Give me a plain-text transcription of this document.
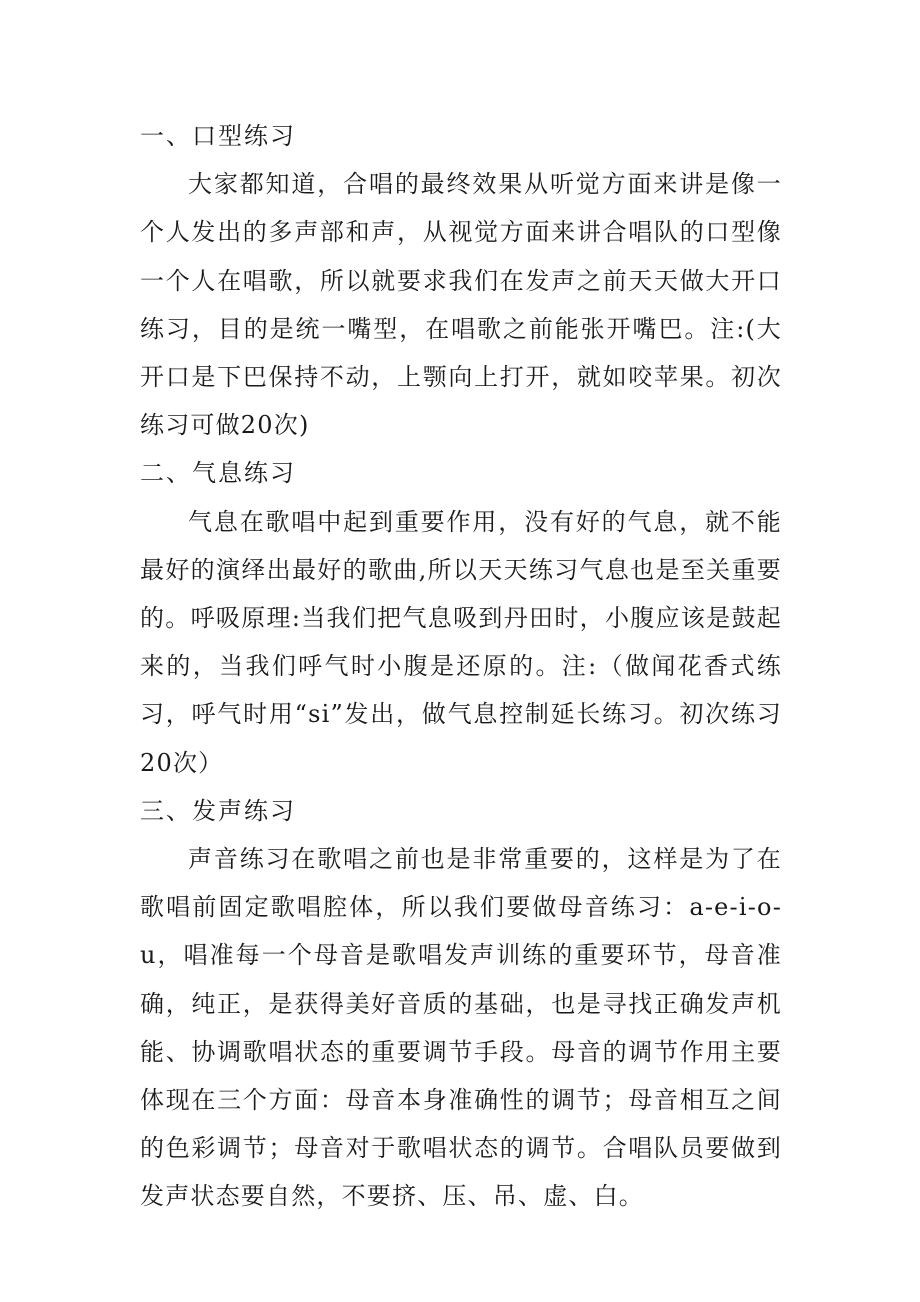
一、口型练习

大家都知道，合唱的最终效果从听觉方面来讲是像一个人发出的多声部和声，从视觉方面来讲合唱队的口型像一个人在唱歌，所以就要求我们在发声之前天天做大开口练习，目的是统一嘴型，在唱歌之前能张开嘴巴。注:(大开口是下巴保持不动，上颚向上打开，就如咬苹果。初次练习可做20次)

二、气息练习

气息在歌唱中起到重要作用，没有好的气息，就不能最好的演绎出最好的歌曲,所以天天练习气息也是至关重要的。呼吸原理:当我们把气息吸到丹田时，小腹应该是鼓起来的，当我们呼气时小腹是还原的。注:（做闻花香式练习，呼气时用“si”发出，做气息控制延长练习。初次练习20次）

三、发声练习

声音练习在歌唱之前也是非常重要的，这样是为了在歌唱前固定歌唱腔体，所以我们要做母音练习：a-e-i-o-u，唱准每一个母音是歌唱发声训练的重要环节，母音准确，纯正，是获得美好音质的基础，也是寻找正确发声机能、协调歌唱状态的重要调节手段。母音的调节作用主要体现在三个方面：母音本身准确性的调节；母音相互之间的色彩调节；母音对于歌唱状态的调节。合唱队员要做到发声状态要自然，不要挤、压、吊、虚、白。
